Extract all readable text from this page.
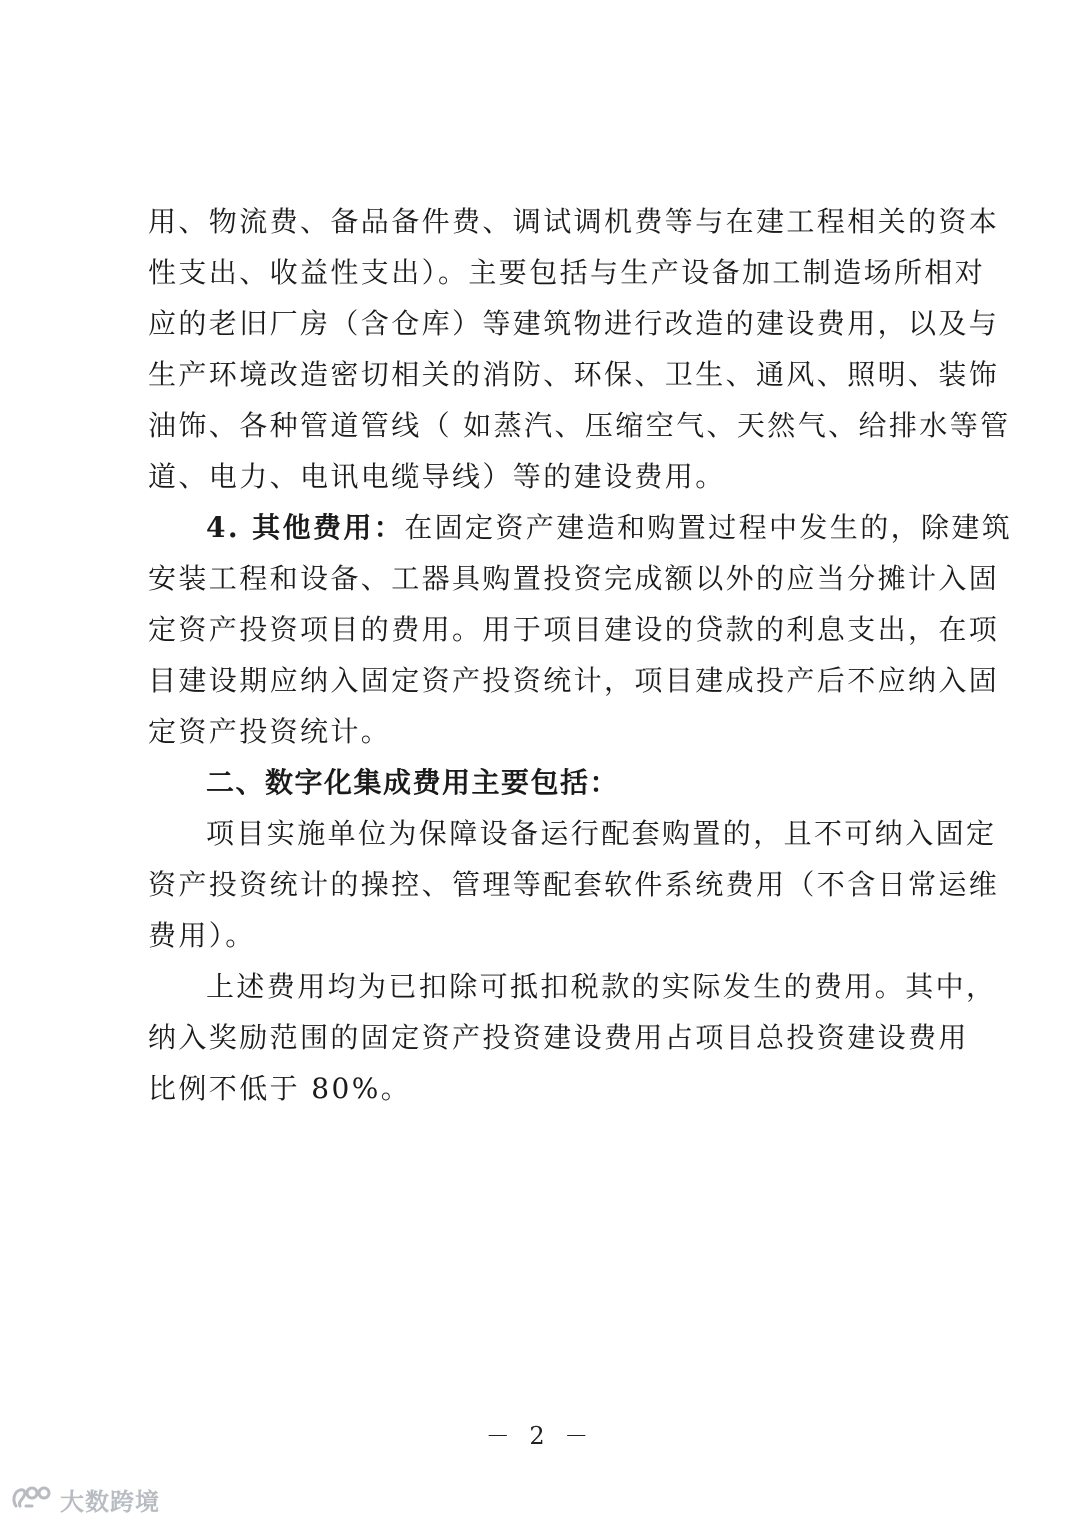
用、物流费、备品备件费、调试调机费等与在建工程相关的资本
性支出、收益性支出）。主要包括与生产设备加工制造场所相对
应的老旧厂房（含仓库）等建筑物进行改造的建设费用，以及与
生产环境改造密切相关的消防、环保、卫生、通风、照明、装饰
油饰、各种管道管线（ 如蒸汽、压缩空气、天然气、给排水等管
道、电力、电讯电缆导线）等的建设费用。
4. 其他费用：在固定资产建造和购置过程中发生的，除建筑
安装工程和设备、工器具购置投资完成额以外的应当分摊计入固
定资产投资项目的费用。用于项目建设的贷款的利息支出，在项
目建设期应纳入固定资产投资统计，项目建成投产后不应纳入固
定资产投资统计。
二、数字化集成费用主要包括：
项目实施单位为保障设备运行配套购置的，且不可纳入固定
资产投资统计的操控、管理等配套软件系统费用（不含日常运维
费用）。
上述费用均为已扣除可抵扣税款的实际发生的费用。其中，
纳入奖励范围的固定资产投资建设费用占项目总投资建设费用
比例不低于 80%。
－ 2 －
大数跨境
